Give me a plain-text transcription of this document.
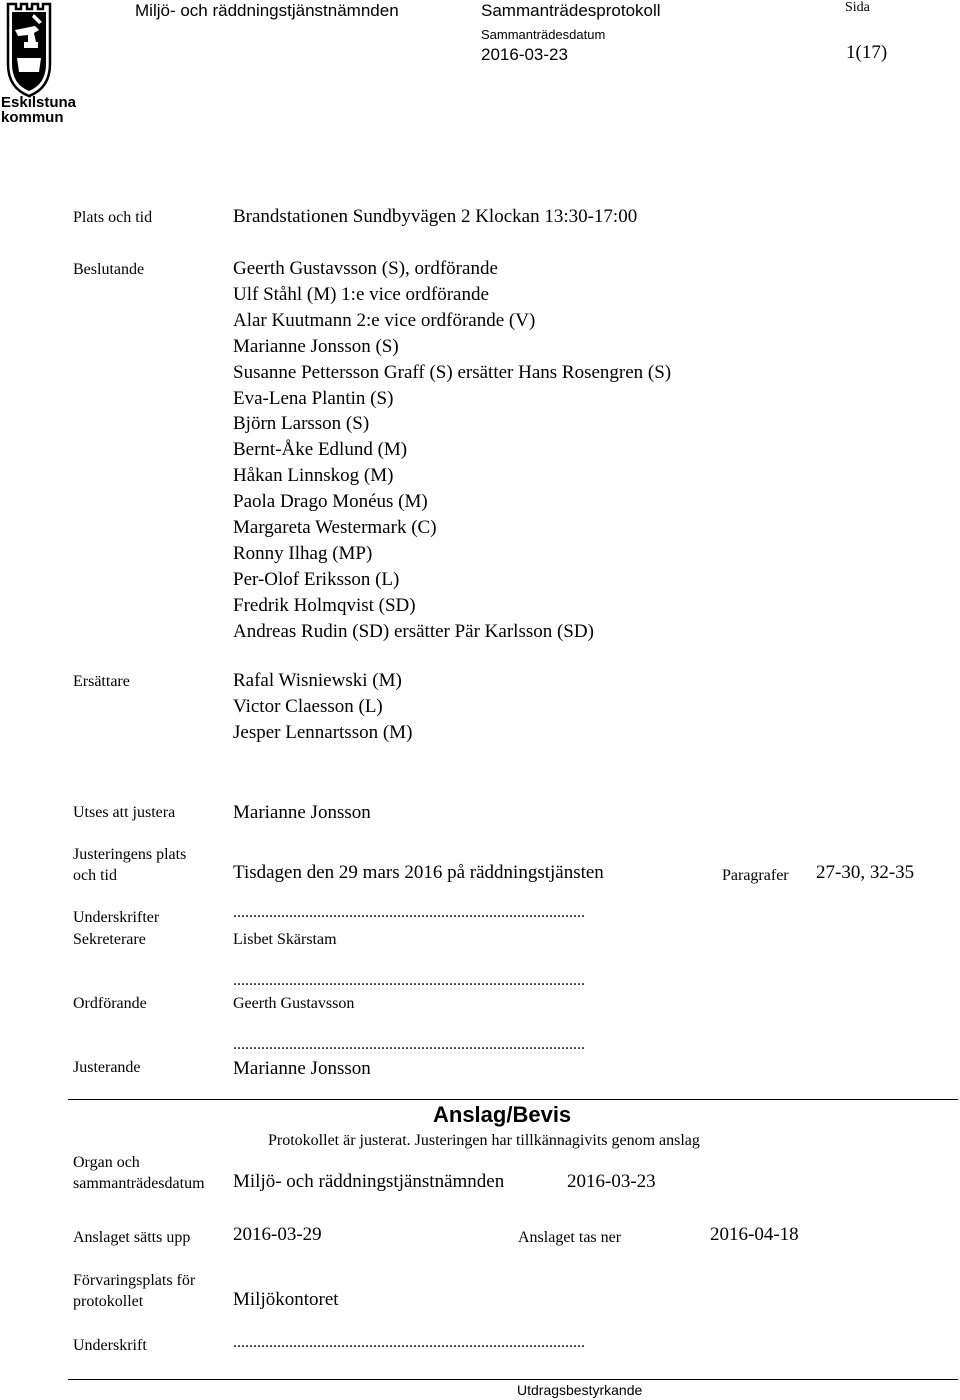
Eskilstuna
kommun
Miljö- och räddningstjänstnämnden	Sammanträdesprotokoll
Sammanträdesdatum
2016-03-23
Sida
1(17)
Plats och tid	Brandstationen Sundbyvägen 2 Klockan 13:30-17:00
Beslutande	Geerth Gustavsson (S), ordförande
Ulf Ståhl (M) 1:e vice ordförande
Alar Kuutmann 2:e vice ordförande (V)
Marianne Jonsson (S)
Susanne Pettersson Graff (S) ersätter Hans Rosengren (S)
Eva-Lena Plantin (S)
Björn Larsson (S)
Bernt-Åke Edlund (M)
Håkan Linnskog (M)
Paola Drago Monéus (M)
Margareta Westermark (C)
Ronny Ilhag (MP)
Per-Olof Eriksson (L)
Fredrik Holmqvist (SD)
Andreas Rudin (SD) ersätter Pär Karlsson (SD)
Ersättare	Rafal Wisniewski (M)
Victor Claesson (L)
Jesper Lennartsson (M)
Utses att justera	Marianne Jonsson
Justeringens plats
och tid	Tisdagen den 29 mars 2016 på räddningstjänsten	Paragrafer 27-30, 32-35
Underskrifter	........................................................................................
Sekreterare	Lisbet Skärstam
........................................................................................
Ordförande	Geerth Gustavsson
........................................................................................
Justerande	Marianne Jonsson
Anslag/Bevis
Protokollet är justerat. Justeringen har tillkännagivits genom anslag
Organ och
sammanträdesdatum Miljö- och räddningstjänstnämnden	2016-03-23
Anslaget sätts upp 2016-03-29	Anslaget tas ner	2016-04-18
Förvaringsplats för
protokollet	Miljökontoret
Underskrift	........................................................................................
Utdragsbestyrkande
